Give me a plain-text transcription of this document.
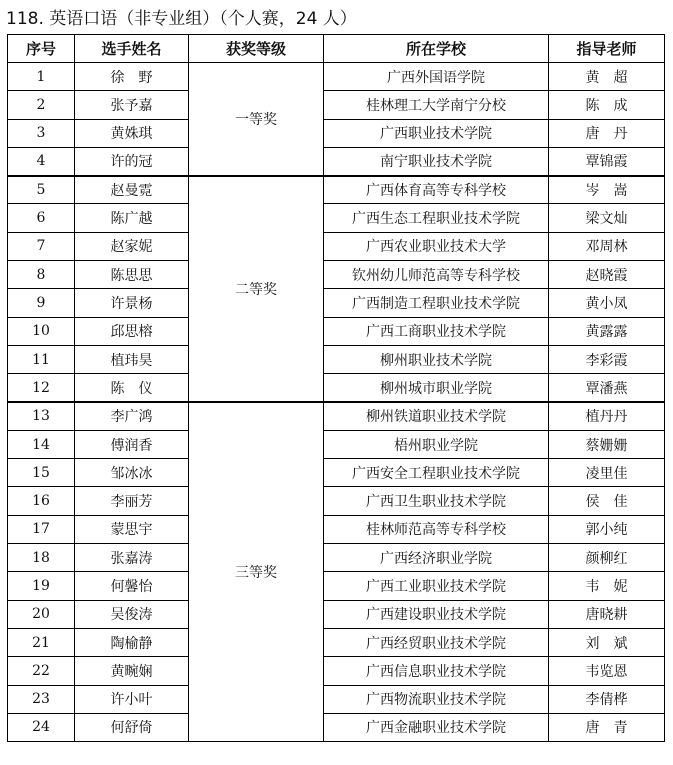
118. 英语口语（非专业组）（个人赛，24 人）
序号	选手姓名	获奖等级	所在学校	指导老师
1	徐　野	一等奖	广西外国语学院	黄　超
2	张予嘉		桂林理工大学南宁分校	陈　成
3	黄姝琪		广西职业技术学院	唐　丹
4	许的冠		南宁职业技术学院	覃锦霞
5	赵曼霓	二等奖	广西体育高等专科学校	岑　嵩
6	陈广越		广西生态工程职业技术学院	梁文灿
7	赵家妮		广西农业职业技术大学	邓周林
8	陈思思		钦州幼儿师范高等专科学校	赵晓霞
9	许景杨		广西制造工程职业技术学院	黄小凤
10	邱思榕		广西工商职业技术学院	黄露露
11	植玮昊		柳州职业技术学院	李彩霞
12	陈　仪		柳州城市职业学院	覃潘燕
13	李广鸿	三等奖	柳州铁道职业技术学院	植丹丹
14	傅润香		梧州职业学院	蔡姗姗
15	邹冰冰		广西安全工程职业技术学院	凌里佳
16	李丽芳		广西卫生职业技术学院	侯　佳
17	蒙思宇		桂林师范高等专科学校	郭小纯
18	张嘉涛		广西经济职业学院	颜柳红
19	何馨怡		广西工业职业技术学院	韦　妮
20	吴俊涛		广西建设职业技术学院	唐晓耕
21	陶榆静		广西经贸职业技术学院	刘　斌
22	黄畹娴		广西信息职业技术学院	韦览恩
23	许小叶		广西物流职业技术学院	李倩桦
24	何舒倚		广西金融职业技术学院	唐　青
